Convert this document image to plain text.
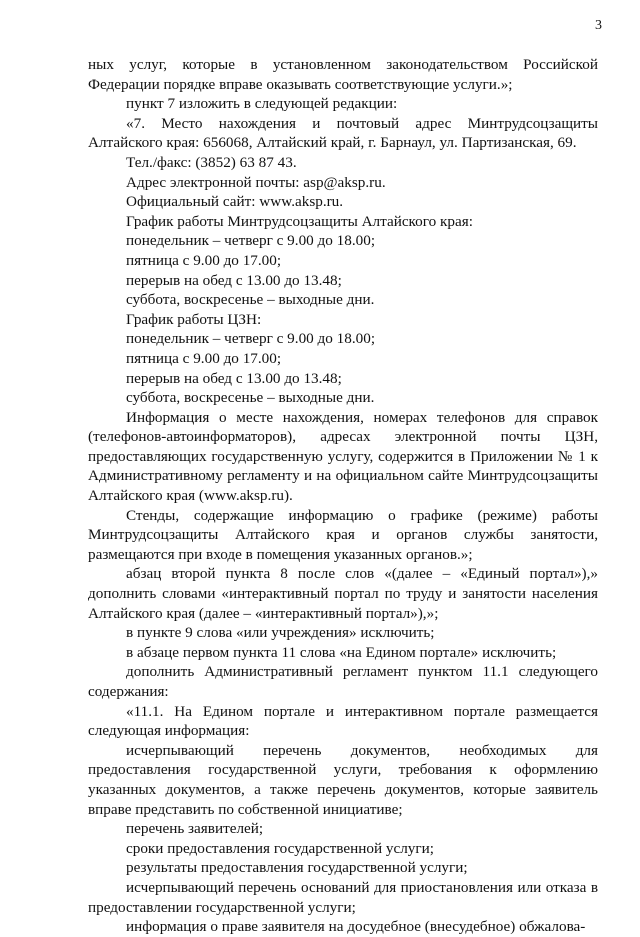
3

ных услуг, которые в установленном законодательством Российской Федерации порядке вправе оказывать соответствующие услуги.»;

пункт 7 изложить в следующей редакции:

«7. Место нахождения и почтовый адрес Минтрудсоцзащиты Алтайского края: 656068, Алтайский край, г. Барнаул, ул. Партизанская, 69.

Тел./факс: (3852) 63 87 43.

Адрес электронной почты: asp@aksp.ru.

Официальный сайт: www.aksp.ru.

График работы Минтрудсоцзащиты Алтайского края:

понедельник – четверг с 9.00 до 18.00;

пятница с 9.00 до 17.00;

перерыв на обед с 13.00 до 13.48;

суббота, воскресенье – выходные дни.

График работы ЦЗН:

понедельник – четверг с 9.00 до 18.00;

пятница с 9.00 до 17.00;

перерыв на обед с 13.00 до 13.48;

суббота, воскресенье – выходные дни.

Информация о месте нахождения, номерах телефонов для справок (телефонов-автоинформаторов), адресах электронной почты ЦЗН, предоставляющих государственную услугу, содержится в Приложении № 1 к Административному регламенту и на официальном сайте Минтрудсоцзащиты Алтайского края (www.aksp.ru).

Стенды, содержащие информацию о графике (режиме) работы Минтрудсоцзащиты Алтайского края и органов службы занятости, размещаются при входе в помещения указанных органов.»;

абзац второй пункта 8 после слов «(далее – «Единый портал»),» дополнить словами «интерактивный портал по труду и занятости населения Алтайского края (далее – «интерактивный портал»),»;

в пункте 9 слова «или учреждения» исключить;

в абзаце первом пункта 11 слова «на Едином портале» исключить;

дополнить Административный регламент пунктом 11.1 следующего содержания:

«11.1. На Едином портале и интерактивном портале размещается следующая информация:

исчерпывающий перечень документов, необходимых для предоставления государственной услуги, требования к оформлению указанных документов, а также перечень документов, которые заявитель вправе представить по собственной инициативе;

перечень заявителей;

сроки предоставления государственной услуги;

результаты предоставления государственной услуги;

исчерпывающий перечень оснований для приостановления или отказа в предоставлении государственной услуги;

информация о праве заявителя на досудебное (внесудебное) обжалова-
